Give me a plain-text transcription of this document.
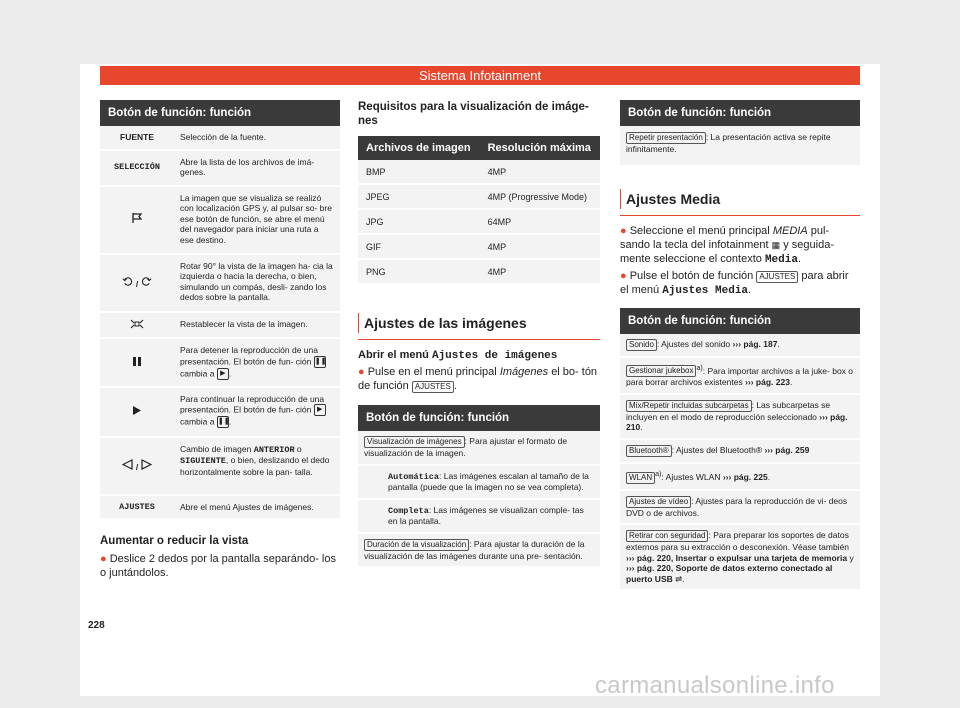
Sistema Infotainment
Botón de función: función
FUENTE	Selección de la fuente.
SELECCIÓN	Abre la lista de los archivos de imá- genes.
	La imagen que se visualiza se realizó con localización GPS y, al pulsar so- bre ese botón de función, se abre el menú del navegador para iniciar una ruta a ese destino.
/	Rotar 90° la vista de la imagen ha- cia la izquierda o hacia la derecha, o bien, simulando un compás, desli- zando los dedos sobre la pantalla.
	Restablecer la vista de la imagen.
	Para detener la reproducción de una presentación. El botón de fun- ción ❚❚ cambia a ▶ .
	Para continuar la reproducción de una presentación. El botón de fun- ción ▶ cambia a ❚❚.
/	Cambio de imagen ANTERIOR o SIGUIENTE, o bien, deslizando el dedo horizontalmente sobre la pan- talla.
AJUSTES	Abre el menú Ajustes de imágenes.
Aumentar o reducir la vista

● Deslice 2 dedos por la pantalla separándo- los o juntándolos.

Requisitos para la visualización de imáge- nes
Archivos de imagen	Resolución máxima
BMP	4MP
JPEG	4MP (Progressive Mode)
JPG	64MP
GIF	4MP
PNG	4MP
Ajustes de las imágenes

Abrir el menú Ajustes de imágenes

● Pulse en el menú principal Imágenes el bo- tón de función AJUSTES .

Botón de función: función
Visualización de imágenes : Para ajustar el formato de visualización de la imagen.
Automática: Las imágenes escalan al tamaño de la pantalla (puede que la imagen no se vea completa).
Completa: Las imágenes se visualizan comple- tas en la pantalla.
Duración de la visualización : Para ajustar la duración de la visualización de las imágenes durante una pre- sentación.
Botón de función: función
Repetir presentación : La presentación activa se repite infinitamente.
Ajustes Media

● Seleccione el menú principal MEDIA pul- sando la tecla del infotainment ▦ y seguida- mente seleccione el contexto Media.

● Pulse el botón de función AJUSTES para abrir el menú Ajustes Media.

Botón de función: función
Sonido : Ajustes del sonido ››› pág. 187.
Gestionar jukebox $^{a)}$: Para importar archivos a la juke- box o para borrar archivos existentes ››› pág. 223.
Mix/Repetir incluidas subcarpetas : Las subcarpetas se incluyen en el modo de reproducción seleccionado ››› pág. 210.
Bluetooth® : Ajustes del Bluetooth® ››› pág. 259
WLAN $^{a)}$: Ajustes WLAN ››› pág. 225.
Ajustes de vídeo : Ajustes para la reproducción de vi- deos DVD o de archivos.
Retirar con seguridad : Para preparar los soportes de datos externos para su extracción o desconexión. Véase también ››› pág. 220, Insertar o expulsar una tarjeta de memoria y ››› pág. 220, Soporte de datos externo conectado al puerto USB ⇌.
228
carmanualsonline.info
